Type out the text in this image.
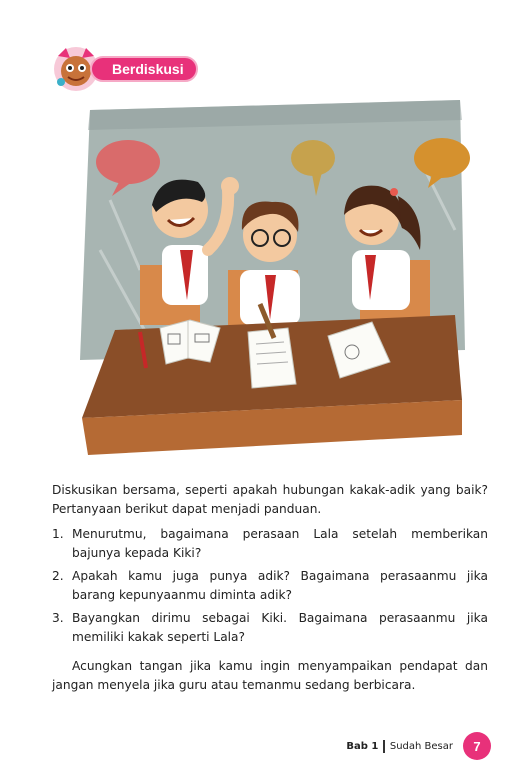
Berdiskusi

Diskusikan bersama, seperti apakah hubungan kakak-adik yang baik? Pertanyaan berikut dapat menjadi panduan.

1. Menurutmu, bagaimana perasaan Lala setelah memberikan bajunya kepada Kiki?
2. Apakah kamu juga punya adik? Bagaimana perasaanmu jika barang kepunyaanmu diminta adik?
3. Bayangkan dirimu sebagai Kiki. Bagaimana perasaanmu jika memiliki kakak seperti Lala?

Acungkan tangan jika kamu ingin menyampaikan pendapat dan jangan menyela jika guru atau temanmu sedang berbicara.

Bab 1 Sudah Besar	7
